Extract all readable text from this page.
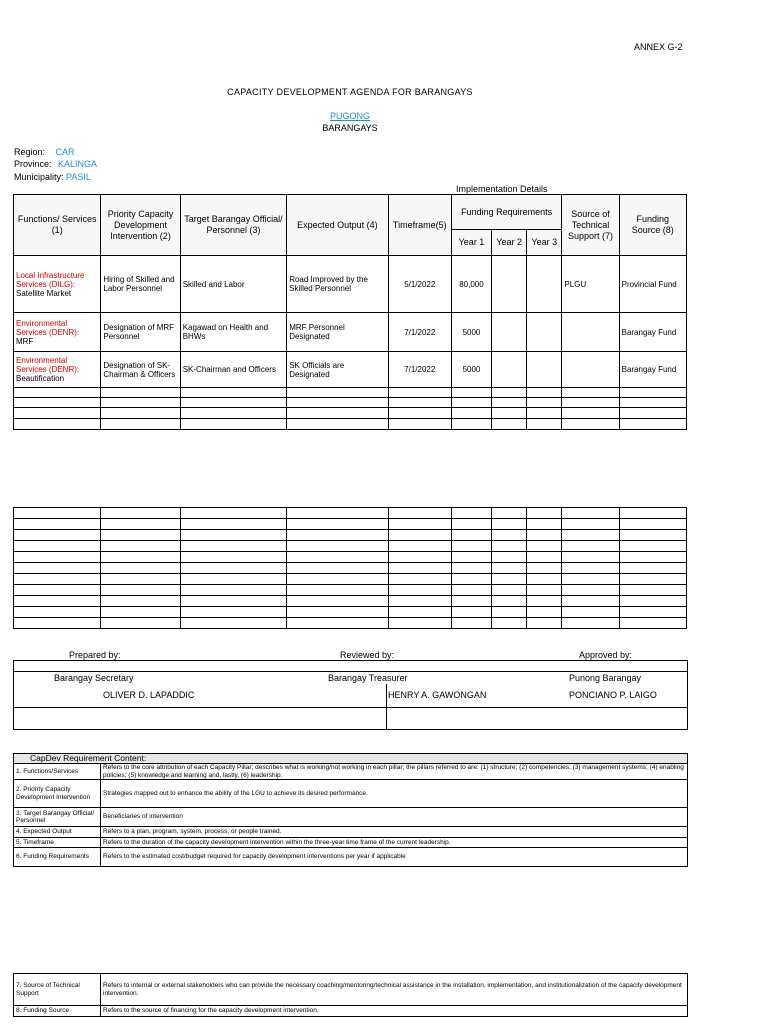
ANNEX G-2
CAPACITY DEVELOPMENT AGENDA FOR BARANGAYS
PUGONG
BARANGAYS
Region: CAR
Province: KALINGA
Municipality: PASIL
Implementation Details
Functions/ Services (1)	Priority Capacity Development Intervention (2)	Target Barangay Official/ Personnel (3)	Expected Output (4)	Timeframe(5)	Funding Requirements			Source of Technical Support (7)	Funding Source (8)
					Year 1	Year 2	Year 3		
Local Infrastructure Services (DILG):
Satellite Market	Hiring of Skilled and Labor Personnel	Skilled and Labor	Road Improved by the Skilled Personnel	5/1/2022	80,000			PLGU	Provincial Fund
Environmental Services (DENR):
MRF	Designation of MRF Personnel	Kagawad on Health and BHWs	MRF Personnel Designated	7/1/2022	5000				Barangay Fund
Environmental Services (DENR):
Beautification	Designation of SK-Chairman & Officers	SK-Chairman and Officers	SK Officials are Designated	7/1/2022	5000				Barangay Fund

Prepared by:	Reviewed by:	Approved by:

Barangay Secretary
OLIVER D. LAPADDIC
Barangay Treasurer
HENRY A. GAWONGAN
Punong Barangay
PONCIANO P. LAIGO

CapDev Requirement Content:	
1. Functions/Services	Refers to the core attribution of each Capacity Pillar; describes what is working/not working in each pillar; the pillars referred to are: (1) structure; (2) competencies; (3) management systems; (4) enabling policies; (5) knowledge and learning and, lastly, (6) leadership.
2. Priority Capacity Development Intervention	Strategies mapped out to enhance the ability of the LGU to achieve its desired performance.
3. Target Barangay Official/ Personnel	Beneficiaries of intervention
4. Expected Output	Refers to a plan, program, system, process, or people trained.
5. Timeframe	Refers to the duration of the capacity development intervention within the three-year time frame of the current leadership.
6. Funding Requirements	Refers to the estimated cost/budget required for capacity development interventions per year if applicable
7. Source of Technical Support	Refers to internal or external stakeholders who can provide the necessary coaching/mentoring/technical assistance in the installation, implementation, and institutionalization of the capacity development intervention.
8. Funding Source	Refers to the source of financing for the capacity development intervention.
